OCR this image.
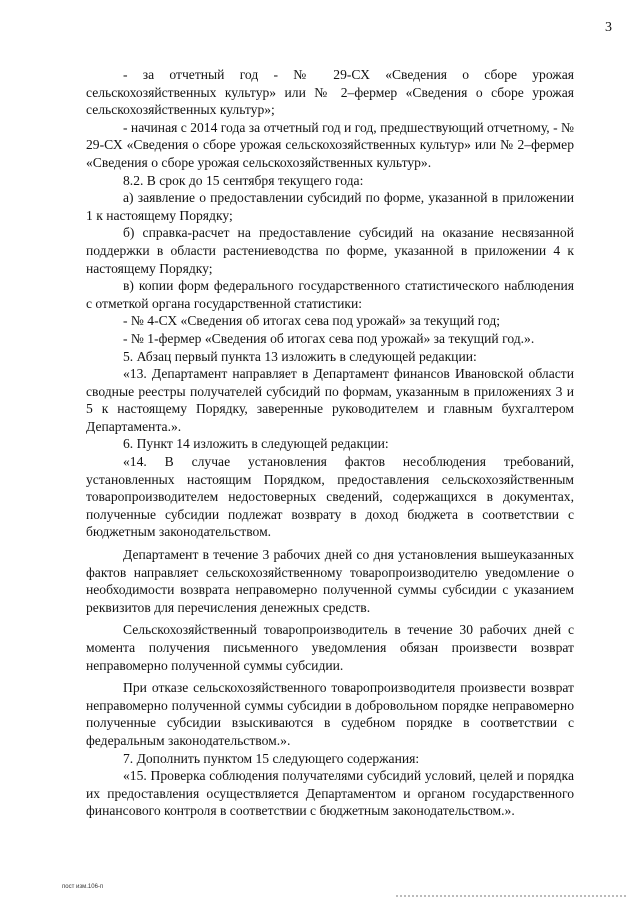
3

- за отчетный год - № 29-СХ «Сведения о сборе урожая сельскохозяйственных культур» или № 2–фермер «Сведения о сборе урожая сельскохозяйственных культур»;

- начиная с 2014 года за отчетный год и год, предшествующий отчетному, - № 29-СХ «Сведения о сборе урожая сельскохозяйственных культур» или № 2–фермер «Сведения о сборе урожая сельскохозяйственных культур».

8.2. В срок до 15 сентября текущего года:

а) заявление о предоставлении субсидий по форме, указанной в приложении 1 к настоящему Порядку;

б) справка-расчет на предоставление субсидий на оказание несвязанной поддержки в области растениеводства по форме, указанной в приложении 4 к настоящему Порядку;

в) копии форм федерального государственного статистического наблюдения с отметкой органа государственной статистики:

- № 4-СХ «Сведения об итогах сева под урожай» за текущий год;

- № 1-фермер «Сведения об итогах сева под урожай» за текущий год.».

5. Абзац первый пункта 13 изложить в следующей редакции:

«13. Департамент направляет в Департамент финансов Ивановской области сводные реестры получателей субсидий по формам, указанным в приложениях 3 и 5 к настоящему Порядку, заверенные руководителем и главным бухгалтером Департамента.».

6. Пункт 14 изложить в следующей редакции:

«14. В случае установления фактов несоблюдения требований, установленных настоящим Порядком, предоставления сельскохозяйственным товаропроизводителем недостоверных сведений, содержащихся в документах, полученные субсидии подлежат возврату в доход бюджета в соответствии с бюджетным законодательством.

Департамент в течение 3 рабочих дней со дня установления вышеуказанных фактов направляет сельскохозяйственному товаропроизводителю уведомление о необходимости возврата неправомерно полученной суммы субсидии с указанием реквизитов для перечисления денежных средств.

Сельскохозяйственный товаропроизводитель в течение 30 рабочих дней с момента получения письменного уведомления обязан произвести возврат неправомерно полученной суммы субсидии.

При отказе сельскохозяйственного товаропроизводителя произвести возврат неправомерно полученной суммы субсидии в добровольном порядке неправомерно полученные субсидии взыскиваются в судебном порядке в соответствии с федеральным законодательством.».

7. Дополнить пунктом 15 следующего содержания:

«15. Проверка соблюдения получателями субсидий условий, целей и порядка их предоставления осуществляется Департаментом и органом государственного финансового контроля в соответствии с бюджетным законодательством.».

пост изм.106-п
